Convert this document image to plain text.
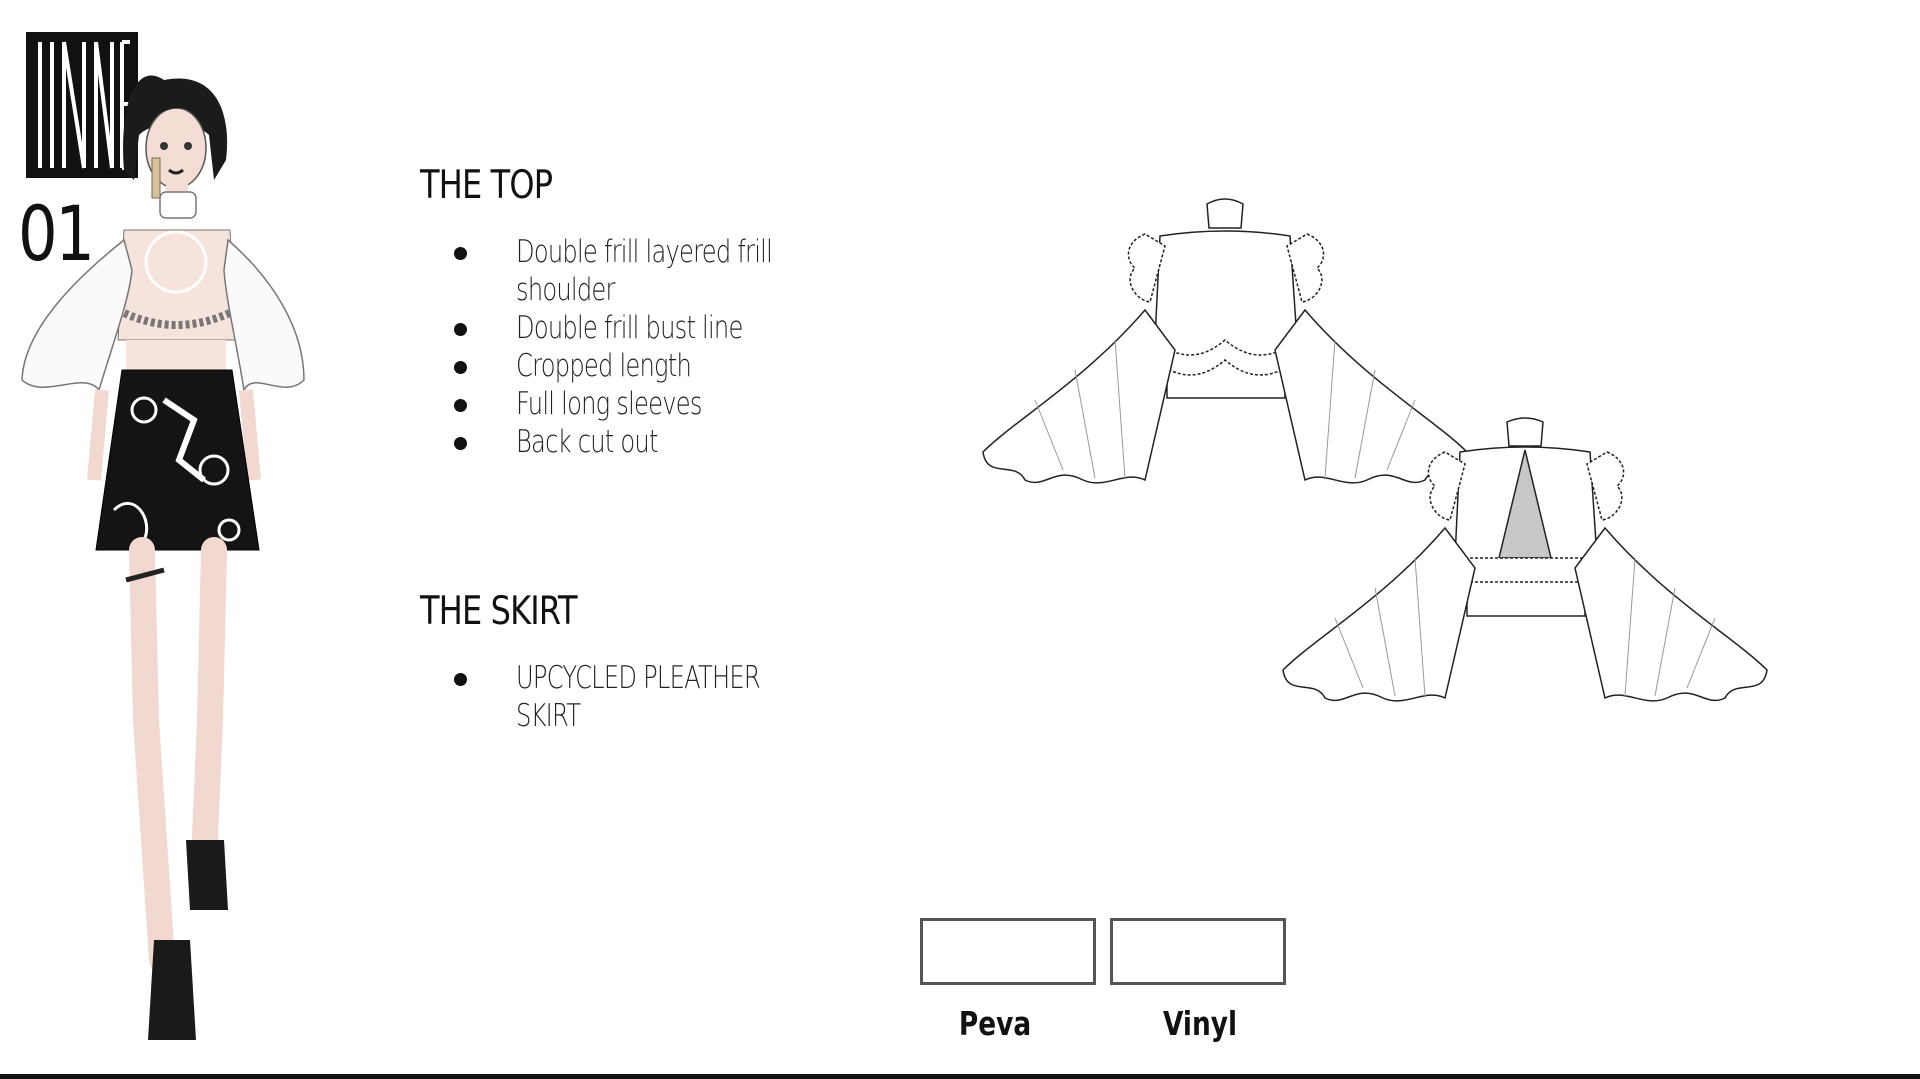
01
THE TOP
Double frill layered frill shoulder
Double frill bust line
Cropped length
Full long sleeves
Back cut out
THE SKIRT
UPCYCLED PLEATHER SKIRT
Peva	Vinyl
